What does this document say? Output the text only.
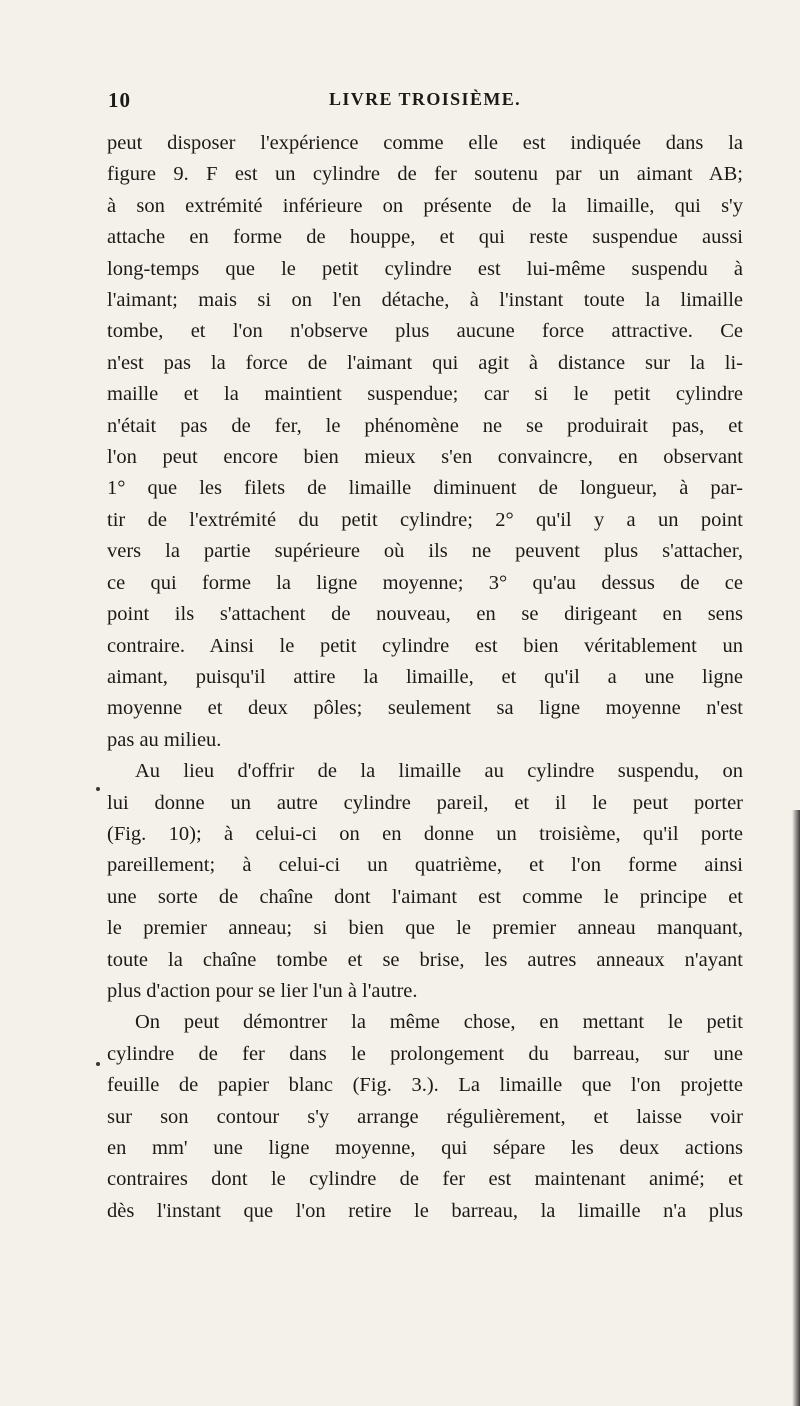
10	LIVRE TROISIÈME.

peut disposer l'expérience comme elle est indiquée dans la
figure 9. F est un cylindre de fer soutenu par un aimant AB;
à son extrémité inférieure on présente de la limaille, qui s'y
attache en forme de houppe, et qui reste suspendue aussi
long-temps que le petit cylindre est lui-même suspendu à
l'aimant; mais si on l'en détache, à l'instant toute la limaille
tombe, et l'on n'observe plus aucune force attractive. Ce
n'est pas la force de l'aimant qui agit à distance sur la li-
maille et la maintient suspendue; car si le petit cylindre
n'était pas de fer, le phénomène ne se produirait pas, et
l'on peut encore bien mieux s'en convaincre, en observant
1° que les filets de limaille diminuent de longueur, à par-
tir de l'extrémité du petit cylindre; 2° qu'il y a un point
vers la partie supérieure où ils ne peuvent plus s'attacher,
ce qui forme la ligne moyenne; 3° qu'au dessus de ce
point ils s'attachent de nouveau, en se dirigeant en sens
contraire. Ainsi le petit cylindre est bien véritablement un
aimant, puisqu'il attire la limaille, et qu'il a une ligne
moyenne et deux pôles; seulement sa ligne moyenne n'est
pas au milieu.

Au lieu d'offrir de la limaille au cylindre suspendu, on
lui donne un autre cylindre pareil, et il le peut porter
(Fig. 10); à celui-ci on en donne un troisième, qu'il porte
pareillement; à celui-ci un quatrième, et l'on forme ainsi
une sorte de chaîne dont l'aimant est comme le principe et
le premier anneau; si bien que le premier anneau manquant,
toute la chaîne tombe et se brise, les autres anneaux n'ayant
plus d'action pour se lier l'un à l'autre.

On peut démontrer la même chose, en mettant le petit
cylindre de fer dans le prolongement du barreau, sur une
feuille de papier blanc (Fig. 3.). La limaille que l'on projette
sur son contour s'y arrange régulièrement, et laisse voir
en mm' une ligne moyenne, qui sépare les deux actions
contraires dont le cylindre de fer est maintenant animé; et
dès l'instant que l'on retire le barreau, la limaille n'a plus
